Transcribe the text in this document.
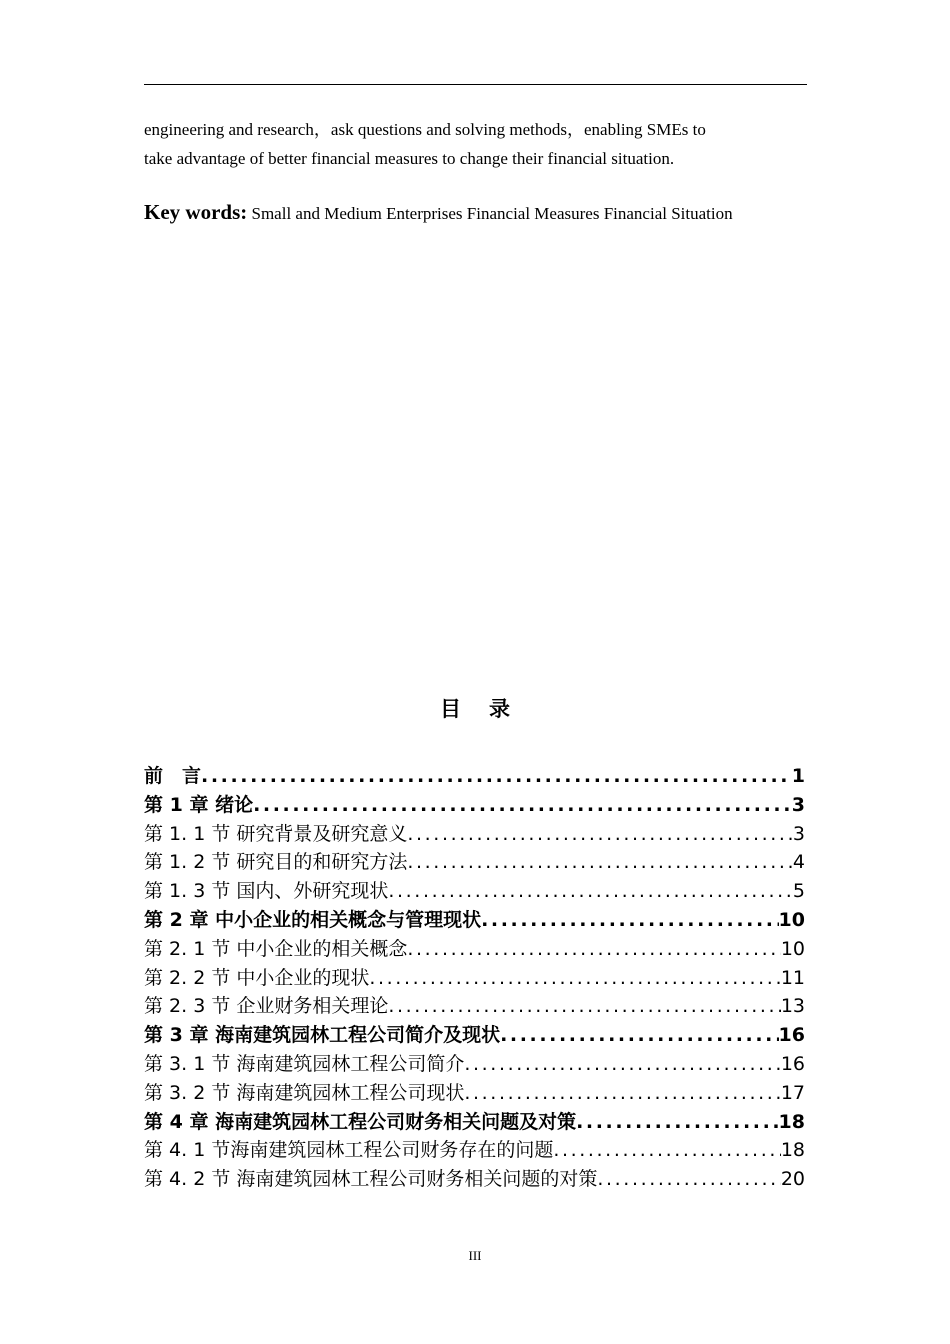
engineering and research，ask questions and solving methods，enabling SMEs to

take advantage of better financial measures to change their financial situation.

Key words: Small and Medium Enterprises Financial Measures Financial Situation
目录
前　言 .....	1
第 1 章 绪论 .....	3
第 1. 1 节 研究背景及研究意义 .....	3
第 1. 2 节 研究目的和研究方法 .....	4
第 1. 3 节 国内、外研究现状 .....	5
第 2 章 中小企业的相关概念与管理现状 .....	10
第 2. 1 节 中小企业的相关概念 .....	10
第 2. 2 节 中小企业的现状 .....	11
第 2. 3 节 企业财务相关理论 .....	13
第 3 章 海南建筑园林工程公司简介及现状 .....	16
第 3. 1 节 海南建筑园林工程公司简介 .....	16
第 3. 2 节 海南建筑园林工程公司现状 .....	17
第 4 章 海南建筑园林工程公司财务相关问题及对策 .....	18
第 4. 1 节海南建筑园林工程公司财务存在的问题 .....	18
第 4. 2 节 海南建筑园林工程公司财务相关问题的对策 .....	20
III
